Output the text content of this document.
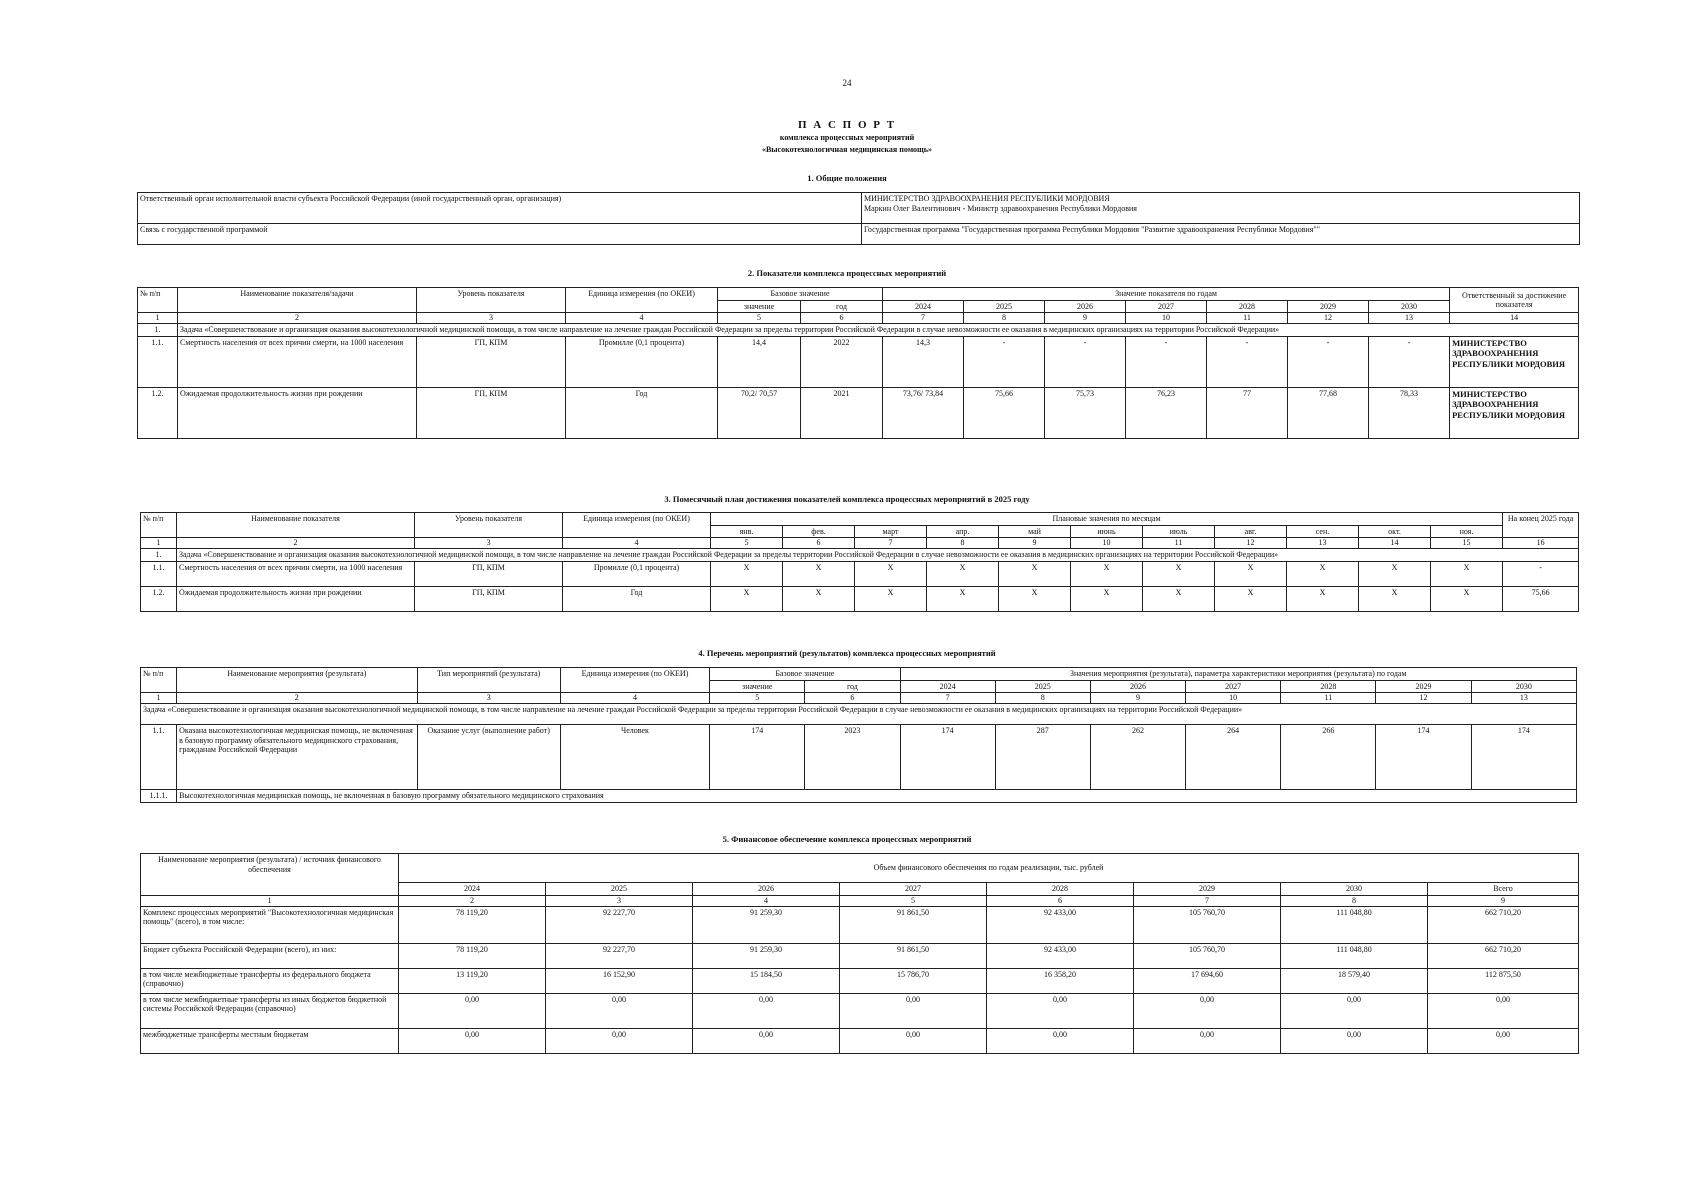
24
П А С П О Р Т
комплекса процессных мероприятий
«Высокотехнологичная медицинская помощь»
1. Общие положения
Ответственный орган исполнительной власти субъекта Российской Федерации (иной государственный орган, организация)	МИНИСТЕРСТВО ЗДРАВООХРАНЕНИЯ РЕСПУБЛИКИ МОРДОВИЯ
Маркин Олег Валентинович - Министр здравоохранения Республики Мордовия

Связь с государственной программой	Государственная программа "Государственная программа Республики Мордовия "Развитие здравоохранения Республики Мордовия""
2. Показатели комплекса процессных мероприятий
№ п/п	Наименование показателя/задачи	Уровень показателя	Единица измерения (по ОКЕИ)	Базовое значение		Значение показателя по годам							Ответственный за достижение показателя
				значение	год	2024	2025	2026	2027	2028	2029	2030	
1	2	3	4	5	6	7	8	9	10	11	12	13	14
1.	Задача «Совершенствование и организация оказания высокотехнологичной медицинской помощи, в том числе направление на лечение граждан Российской Федерации за пределы территории Российской Федерации в случае невозможности ее оказания в медицинских организациях на территории Российской Федерации»												
1.1.	Смертность населения от всех причин смерти, на 1000 населения	ГП, КПМ	Промилле (0,1 процента)	14,4	2022	14,3	-	-	-	-	-	-	МИНИСТЕРСТВО ЗДРАВООХРАНЕНИЯ РЕСПУБЛИКИ МОРДОВИЯ
1.2.	Ожидаемая продолжительность жизни при рождении	ГП, КПМ	Год	70,2/ 70,57	2021	73,76/ 73,84	75,66	75,73	76,23	77	77,68	78,33	МИНИСТЕРСТВО ЗДРАВООХРАНЕНИЯ РЕСПУБЛИКИ МОРДОВИЯ
3. Помесячный план достижения показателей комплекса процессных мероприятий в 2025 году
№ п/п	Наименование показателя	Уровень показателя	Единица измерения (по ОКЕИ)	Плановые значения по месяцам											На конец 2025 года
				янв.	фев.	март	апр.	май	июнь	июль	авг.	сен.	окт.	ноя.	
1	2	3	4	5	6	7	8	9	10	11	12	13	14	15	16
1.	Задача «Совершенствование и организация оказания высокотехнологичной медицинской помощи, в том числе направление на лечение граждан Российской Федерации за пределы территории Российской Федерации в случае невозможности ее оказания в медицинских организациях на территории Российской Федерации»														
1.1.	Смертность населения от всех причин смерти, на 1000 населения	ГП, КПМ	Промилле (0,1 процента)	X	X	X	X	X	X	X	X	X	X	X	-
1.2.	Ожидаемая продолжительность жизни при рождении	ГП, КПМ	Год	X	X	X	X	X	X	X	X	X	X	X	75,66
4. Перечень мероприятий (результатов) комплекса процессных мероприятий
№ п/п	Наименование мероприятия (результата)	Тип мероприятий (результата)	Единица измерения (по ОКЕИ)	Базовое значение		Значения мероприятия (результата), параметра характеристики мероприятия (результата) по годам						
				значение	год	2024	2025	2026	2027	2028	2029	2030
1	2	3	4	5	6	7	8	9	10	11	12	13
Задача «Совершенствование и организация оказания высокотехнологичной медицинской помощи, в том числе направление на лечение граждан Российской Федерации за пределы территории Российской Федерации в случае невозможности ее оказания в медицинских организациях на территории Российской Федерации»												
1.1.	Оказана высокотехнологичная медицинская помощь, не включенная в базовую программу обязательного медицинского страхования, гражданам Российской Федерации	Оказание услуг (выполнение работ)	Человек	174	2023	174	287	262	264	266	174	174
1.1.1.	Высокотехнологичная медицинская помощь, не включенная в базовую программу обязательного медицинского страхования											
5. Финансовое обеспечение комплекса процессных мероприятий
Наименование мероприятия (результата) / источник финансового обеспечения	Объем финансового обеспечения по годам реализации, тыс. рублей							
	2024	2025	2026	2027	2028	2029	2030	Всего
1	2	3	4	5	6	7	8	9
Комплекс процессных мероприятий "Высокотехнологичная медицинская помощь" (всего), в том числе:	78 119,20	92 227,70	91 259,30	91 861,50	92 433,00	105 760,70	111 048,80	662 710,20
Бюджет субъекта Российской Федерации (всего), из них:	78 119,20	92 227,70	91 259,30	91 861,50	92 433,00	105 760,70	111 048,80	662 710,20
в том числе межбюджетные трансферты из федерального бюджета (справочно)	13 119,20	16 152,90	15 184,50	15 786,70	16 358,20	17 694,60	18 579,40	112 875,50
в том числе межбюджетные трансферты из иных бюджетов бюджетной системы Российской Федерации (справочно)	0,00	0,00	0,00	0,00	0,00	0,00	0,00	0,00
межбюджетные трансферты местным бюджетам	0,00	0,00	0,00	0,00	0,00	0,00	0,00	0,00
